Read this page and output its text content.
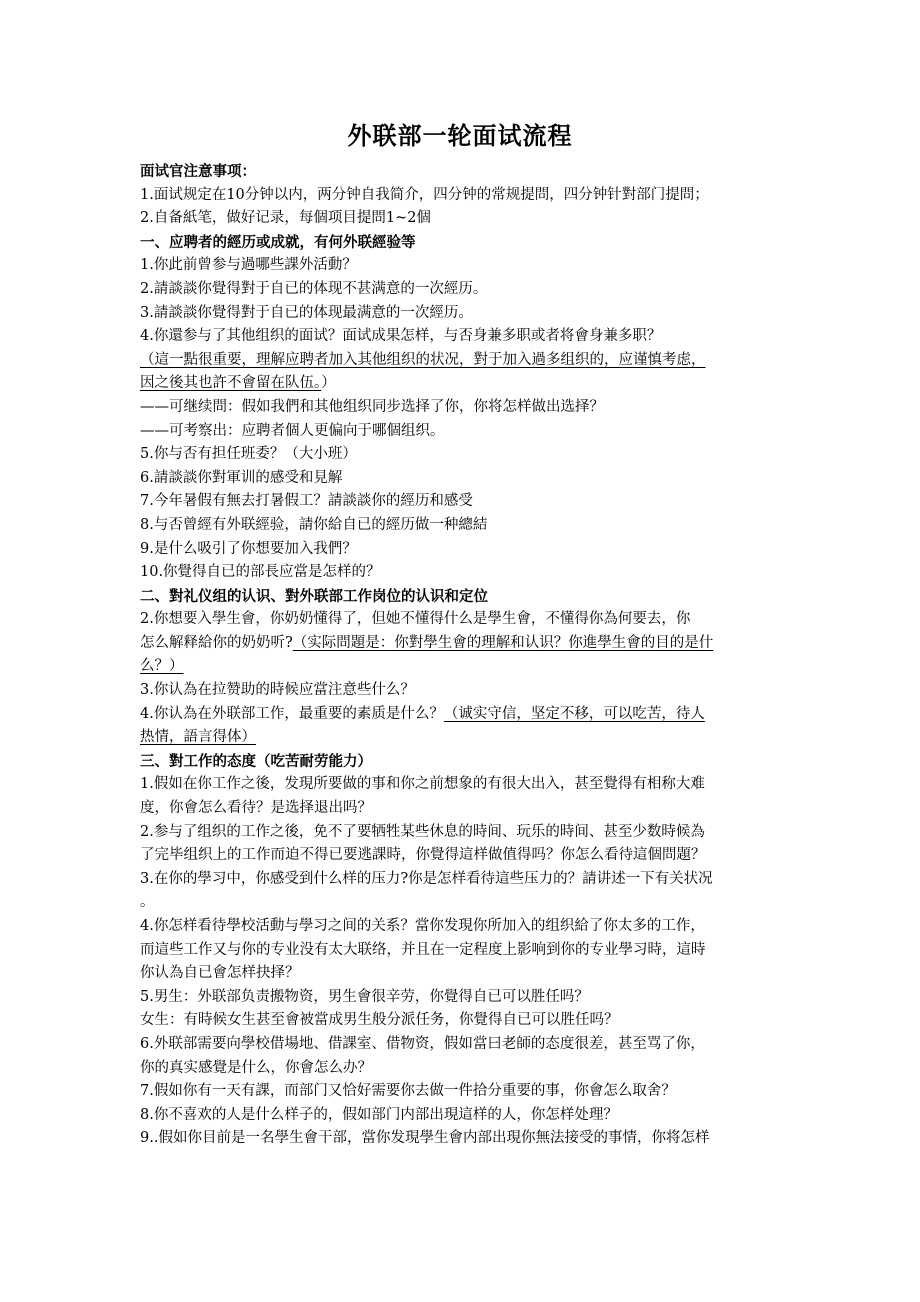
外联部一轮面试流程
面试官注意事项：
1.面试规定在10分钟以内，两分钟自我简介，四分钟的常规提問，四分钟针對部门提問；
2.自备紙笔，做好记录，每個项目提問1~2個
一、应聘者的經历或成就，有何外联經验等
1.你此前曾参与過哪些課外活動？
2.請談談你覺得對于自已的体现不甚满意的一次經历。
3.請談談你覺得對于自已的体现最满意的一次經历。
4.你還参与了其他组织的面试？面试成果怎样，与否身兼多职或者将會身兼多职？
（這一點很重要，理解应聘者加入其他组织的状况，對于加入過多组织的，应谨慎考虑，
因之後其也許不會留在队伍。）
——可继续問：假如我們和其他组织同步选择了你，你将怎样做出选择？
——可考察出：应聘者個人更偏向于哪個组织。
5.你与否有担任班委？（大小班）
6.請談談你對軍训的感受和見解
7.今年暑假有無去打暑假工？請談談你的經历和感受
8.与否曾經有外联經验，請你給自已的經历做一种總結
9.是什么吸引了你想要加入我們？
10.你覺得自已的部長应當是怎样的？
二、對礼仪组的认识、對外联部工作岗位的认识和定位
2.你想要入學生會，你奶奶懂得了，但她不懂得什么是學生會，不懂得你為何要去，你
怎么解释給你的奶奶听?（实际問題是：你對學生會的理解和认识？你進學生會的目的是什
么？）
3.你认為在拉赞助的時候应當注意些什么？
4.你认為在外联部工作，最重要的素质是什么？（诚实守信，坚定不移，可以吃苦，待人
热情，語言得体）
三、對工作的态度（吃苦耐劳能力）
1.假如在你工作之後，发現所要做的事和你之前想象的有很大出入，甚至覺得有相称大难
度，你會怎么看待？是选择退出吗？
2.参与了组织的工作之後，免不了要牺牲某些休息的時间、玩乐的時间、甚至少数時候為
了完毕组织上的工作而迫不得已要逃課時，你覺得這样做值得吗？你怎么看待這個問題？
3.在你的學习中，你感受到什么样的压力?你是怎样看待這些压力的？請讲述一下有关状况
。
4.你怎样看待學校活動与學习之间的关系？當你发現你所加入的组织給了你太多的工作，
而這些工作又与你的专业没有太大联络，并且在一定程度上影响到你的专业學习時，這時
你认為自已會怎样抉择？
5.男生：外联部负责搬物资，男生會很辛劳，你覺得自已可以胜任吗？
女生：有時候女生甚至會被當成男生般分派任务，你覺得自已可以胜任吗？
6.外联部需要向學校借場地、借課室、借物资，假如當曰老師的态度很差，甚至骂了你，
你的真实感覺是什么，你會怎么办？
7.假如你有一天有課，而部门又恰好需要你去做一件拾分重要的事，你會怎么取舍？
8.你不喜欢的人是什么样子的，假如部门内部出現這样的人，你怎样处理？
9..假如你目前是一名學生會干部，當你发現學生會内部出現你無法接受的事情，你将怎样
